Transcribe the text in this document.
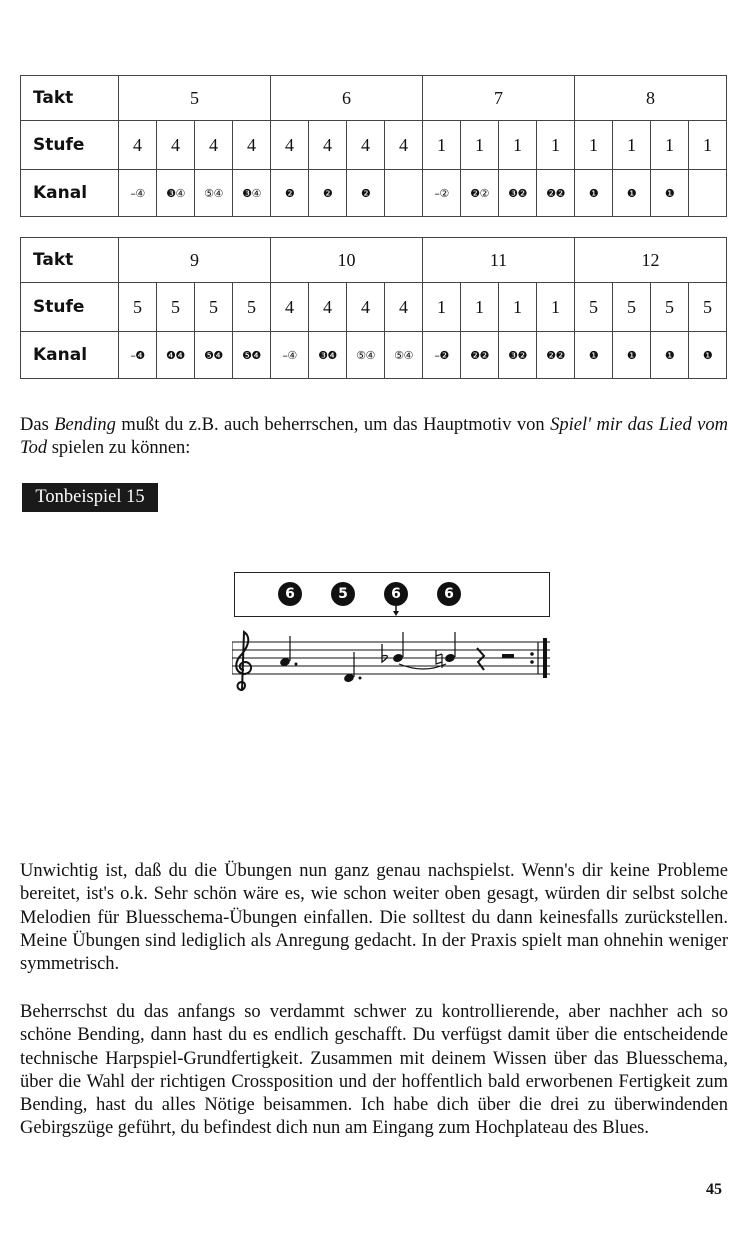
Takt	5				6				7				8			
Stufe	4	4	4	4	4	4	4	4	1	1	1	1	1	1	1	1
Kanal	–④	❸④	⑤④	❸④	❷	❷	❷		–②	❷②	❸❷	❷❷	❶	❶	❶	
Takt	9				10				11				12			
Stufe	5	5	5	5	4	4	4	4	1	1	1	1	5	5	5	5
Kanal	–❹	❹❹	❺❹	❺❹	–④	❸❹	⑤④	⑤④	–❷	❷❷	❸❷	❷❷	❶	❶	❶	❶

Das Bending mußt du z.B. auch beherrschen, um das Hauptmotiv von Spiel' mir das Lied vom Tod spielen zu können:

Tonbeispiel 15
6	5	6	6

Unwichtig ist, daß du die Übungen nun ganz genau nachspielst. Wenn's dir keine Probleme bereitet, ist's o.k. Sehr schön wäre es, wie schon weiter oben gesagt, würden dir selbst solche Melodien für Bluesschema-Übungen einfallen. Die solltest du dann keinesfalls zurückstellen. Meine Übungen sind lediglich als Anregung gedacht. In der Praxis spielt man ohnehin weniger symmetrisch.

Beherrschst du das anfangs so verdammt schwer zu kontrollierende, aber nachher ach so schöne Bending, dann hast du es endlich geschafft. Du verfügst damit über die entscheidende technische Harpspiel-Grundfertigkeit. Zusammen mit deinem Wissen über das Bluesschema, über die Wahl der richtigen Crossposition und der hoffentlich bald erworbenen Fertigkeit zum Bending, hast du alles Nötige beisammen. Ich habe dich über die drei zu überwindenden Gebirgszüge geführt, du befindest dich nun am Eingang zum Hochplateau des Blues.

45
